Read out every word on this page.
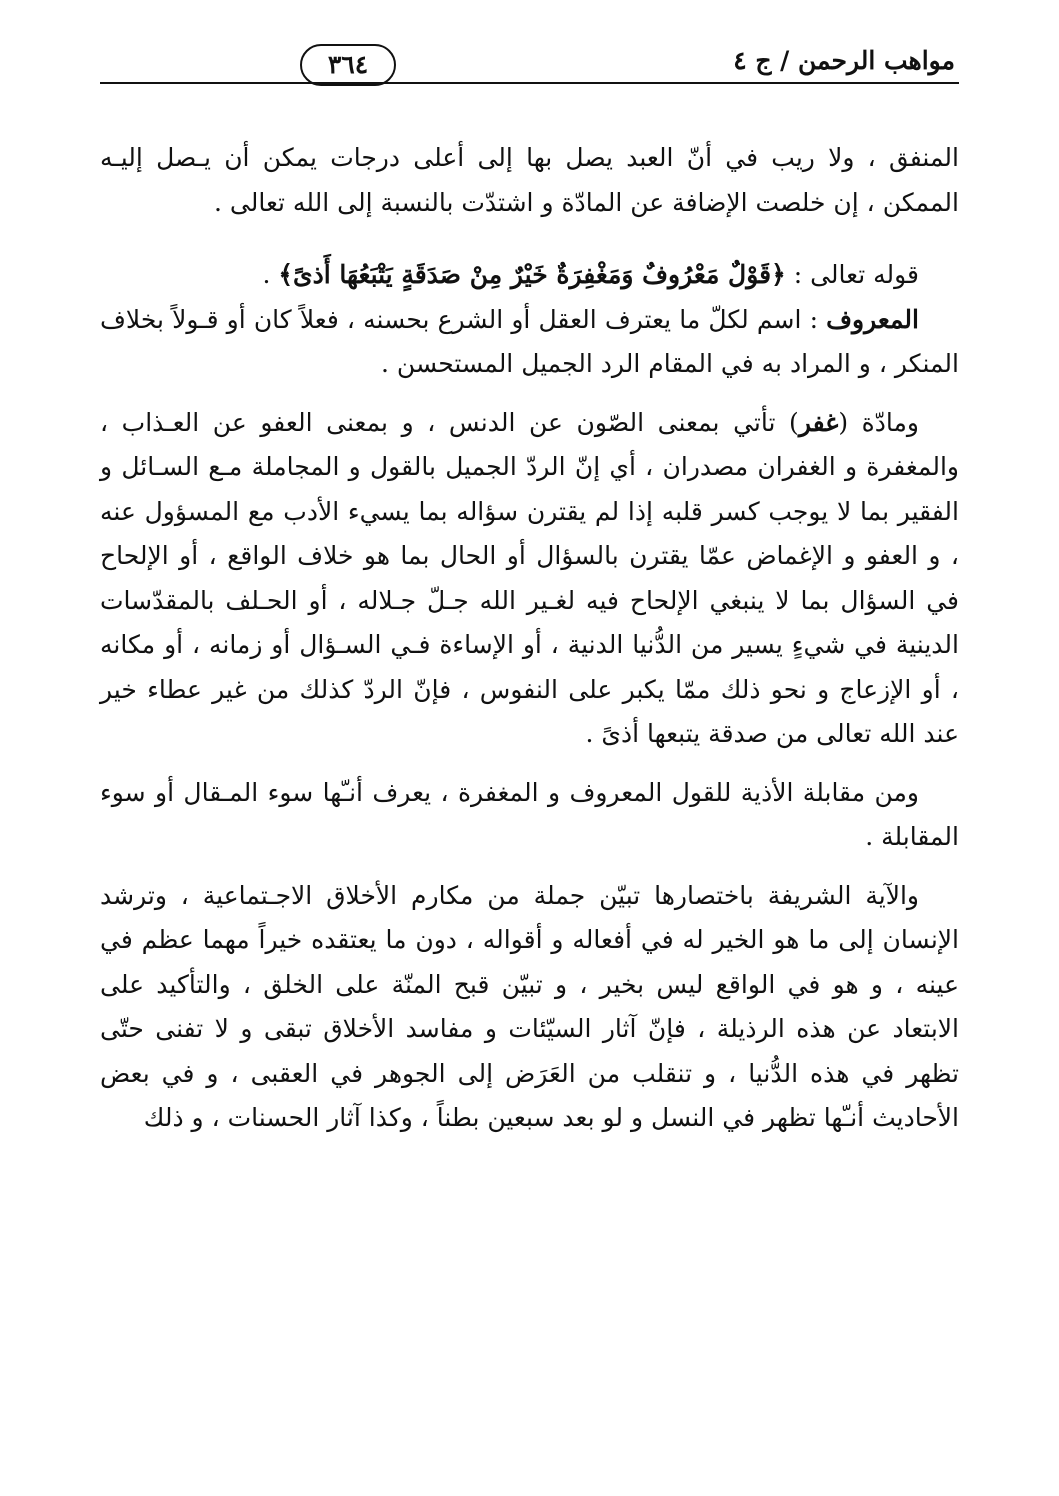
مواهب الرحمن / ج ٤
٣٦٤

المنفق ، ولا ريب في أنّ العبد يصل بها إلى أعلى درجات يمكن أن يـصل إليـه الممكن ، إن خلصت الإضافة عن المادّة و اشتدّت بالنسبة إلى الله تعالى .

قوله تعالى : ﴿قَوْلٌ مَعْرُوفٌ وَمَغْفِرَةٌ خَيْرٌ مِنْ صَدَقَةٍ يَتْبَعُهَا أَذىً﴾ .

المعروف : اسم لكلّ ما يعترف العقل أو الشرع بحسنه ، فعلاً كان أو قـولاً بخلاف المنكر ، و المراد به في المقام الرد الجميل المستحسن .

ومادّة (غفر) تأتي بمعنى الصّون عن الدنس ، و بمعنى العفو عن العـذاب ، والمغفرة و الغفران مصدران ، أي إنّ الردّ الجميل بالقول و المجاملة مـع السـائل و الفقير بما لا يوجب كسر قلبه إذا لم يقترن سؤاله بما يسيء الأدب مع المسؤول عنه ، و العفو و الإغماض عمّا يقترن بالسؤال أو الحال بما هو خلاف الواقع ، أو الإلحاح في السؤال بما لا ينبغي الإلحاح فيه لغـير الله جـلّ جـلاله ، أو الحـلف بالمقدّسات الدينية في شيءٍ يسير من الدُّنيا الدنية ، أو الإساءة فـي السـؤال أو زمانه ، أو مكانه ، أو الإزعاج و نحو ذلك ممّا يكبر على النفوس ، فإنّ الردّ كذلك من غير عطاء خير عند الله تعالى من صدقة يتبعها أذىً .

ومن مقابلة الأذية للقول المعروف و المغفرة ، يعرف أنـّها سوء المـقال أو سوء المقابلة .

والآية الشريفة باختصارها تبيّن جملة من مكارم الأخلاق الاجـتماعية ، وترشد الإنسان إلى ما هو الخير له في أفعاله و أقواله ، دون ما يعتقده خيراً مهما عظم في عينه ، و هو في الواقع ليس بخير ، و تبيّن قبح المنّة على الخلق ، والتأكيد على الابتعاد عن هذه الرذيلة ، فإنّ آثار السيّئات و مفاسد الأخلاق تبقى و لا تفنى حتّى تظهر في هذه الدُّنيا ، و تنقلب من العَرَض إلى الجوهر في العقبى ، و في بعض الأحاديث أنـّها تظهر في النسل و لو بعد سبعين بطناً ، وكذا آثار الحسنات ، و ذلك
